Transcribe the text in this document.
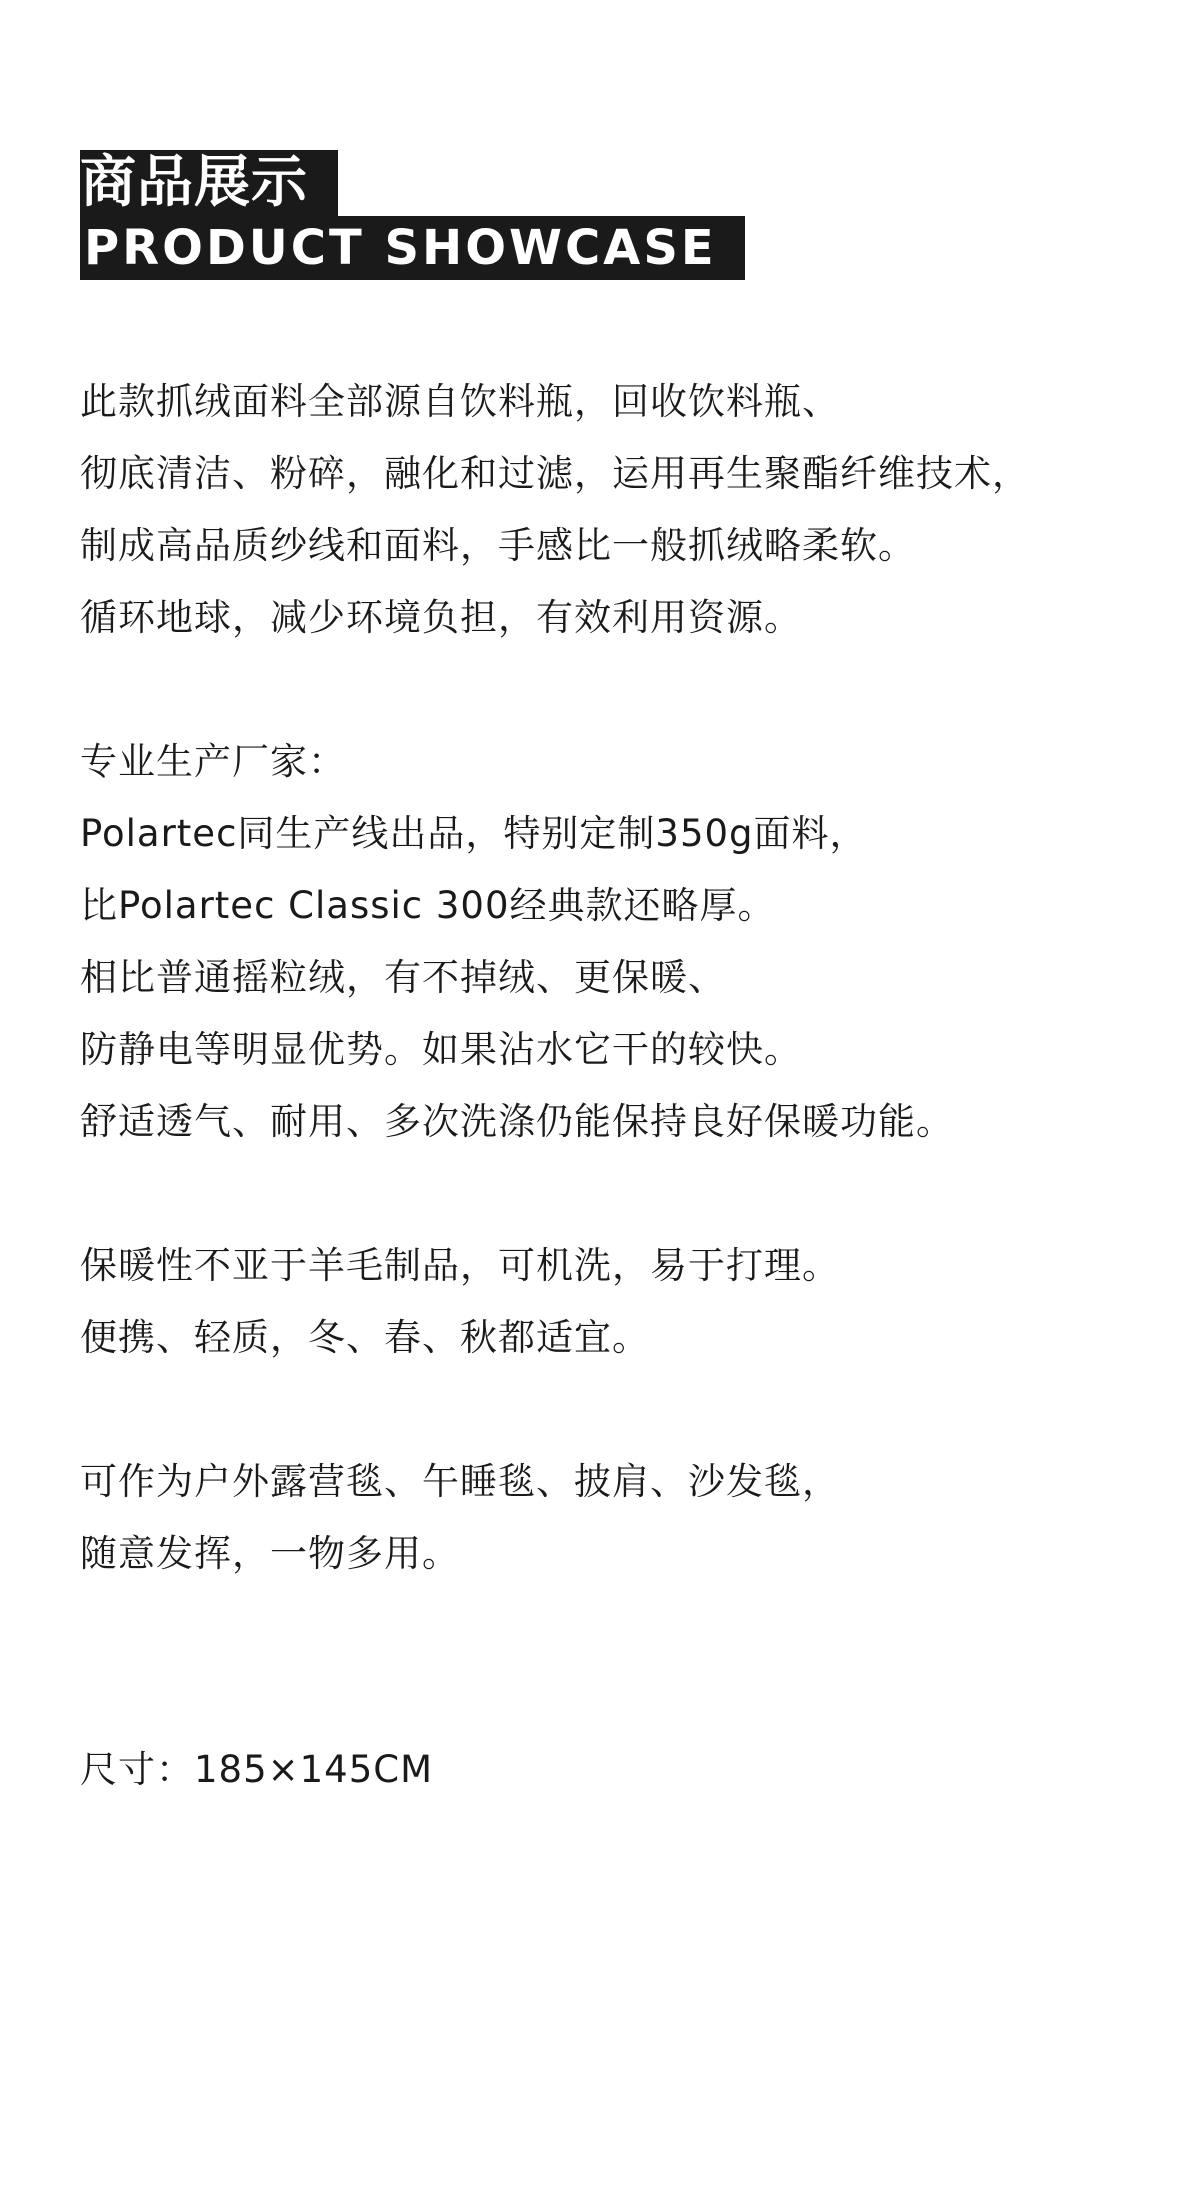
商品展示
PRODUCT SHOWCASE
此款抓绒面料全部源自饮料瓶，回收饮料瓶、
彻底清洁、粉碎，融化和过滤，运用再生聚酯纤维技术，
制成高品质纱线和面料，手感比一般抓绒略柔软。
循环地球，减少环境负担，有效利用资源。
专业生产厂家：
Polartec同生产线出品，特别定制350g面料，
比Polartec Classic 300经典款还略厚。
相比普通摇粒绒，有不掉绒、更保暖、
防静电等明显优势。如果沾水它干的较快。
舒适透气、耐用、多次洗涤仍能保持良好保暖功能。
保暖性不亚于羊毛制品，可机洗，易于打理。
便携、轻质，冬、春、秋都适宜。
可作为户外露营毯、午睡毯、披肩、沙发毯，
随意发挥，一物多用。
尺寸：185×145CM
